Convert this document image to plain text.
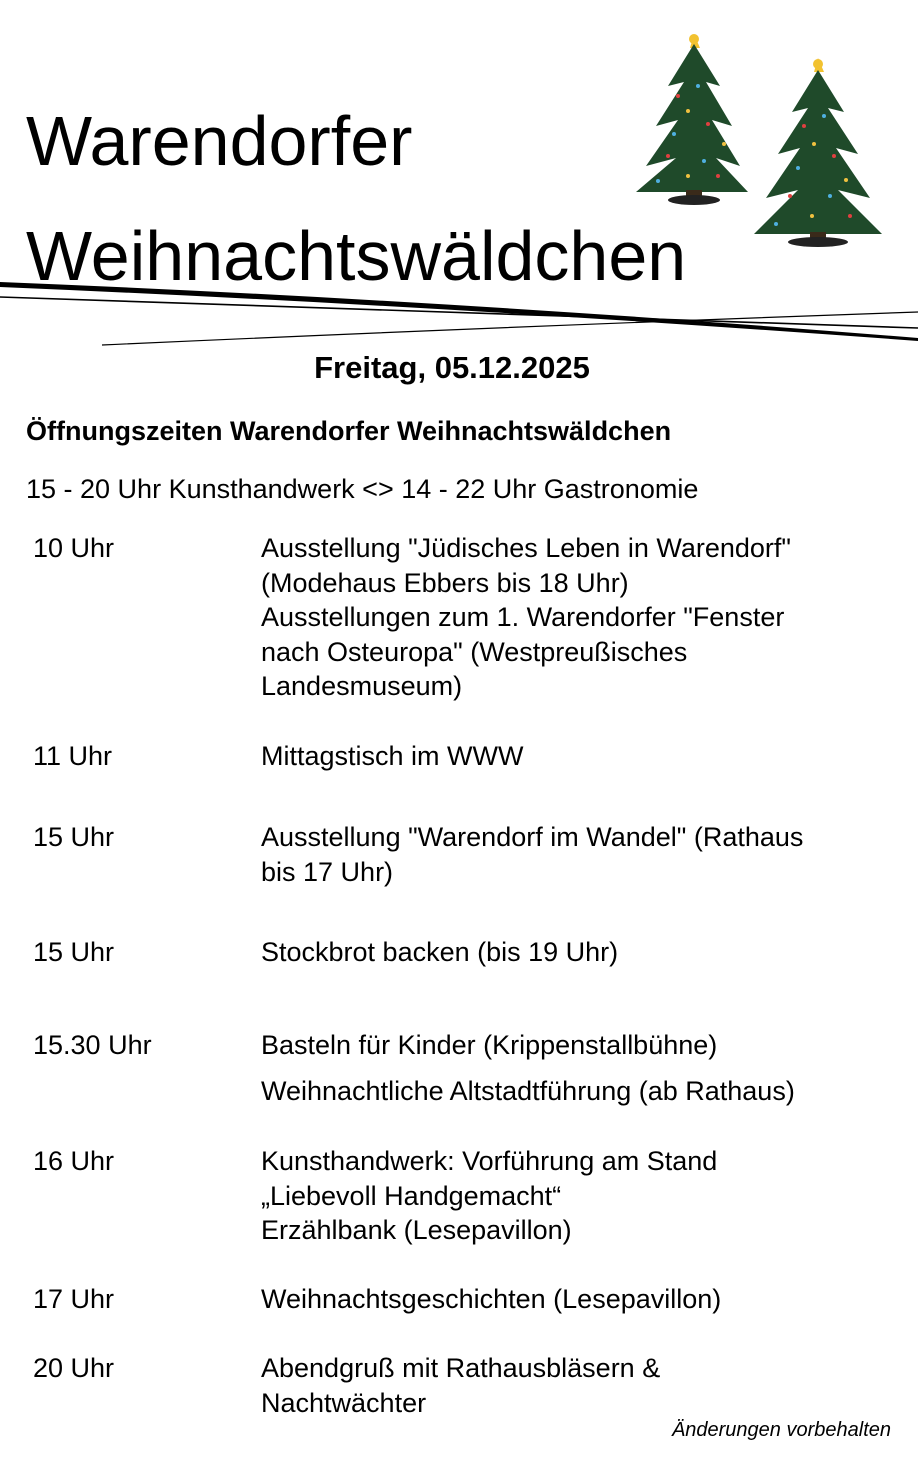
Warendorfer
Weihnachtswäldchen
Freitag, 05.12.2025
Öffnungszeiten Warendorfer Weihnachtswäldchen
15 - 20 Uhr Kunsthandwerk <> 14 - 22 Uhr Gastronomie
10 Uhr	Ausstellung "Jüdisches Leben in Warendorf"
(Modehaus Ebbers bis 18 Uhr)
Ausstellungen zum 1. Warendorfer "Fenster
nach Osteuropa" (Westpreußisches
Landesmuseum)
11 Uhr	Mittagstisch im WWW
15 Uhr	Ausstellung "Warendorf im Wandel" (Rathaus
bis 17 Uhr)
15 Uhr	Stockbrot backen (bis 19 Uhr)
15.30 Uhr	Basteln für Kinder (Krippenstallbühne)
Weihnachtliche Altstadtführung (ab Rathaus)
16 Uhr	Kunsthandwerk: Vorführung am Stand
„Liebevoll Handgemacht“
Erzählbank (Lesepavillon)
17 Uhr	Weihnachtsgeschichten (Lesepavillon)
20 Uhr	Abendgruß mit Rathausbläsern &
Nachtwächter
Änderungen vorbehalten
